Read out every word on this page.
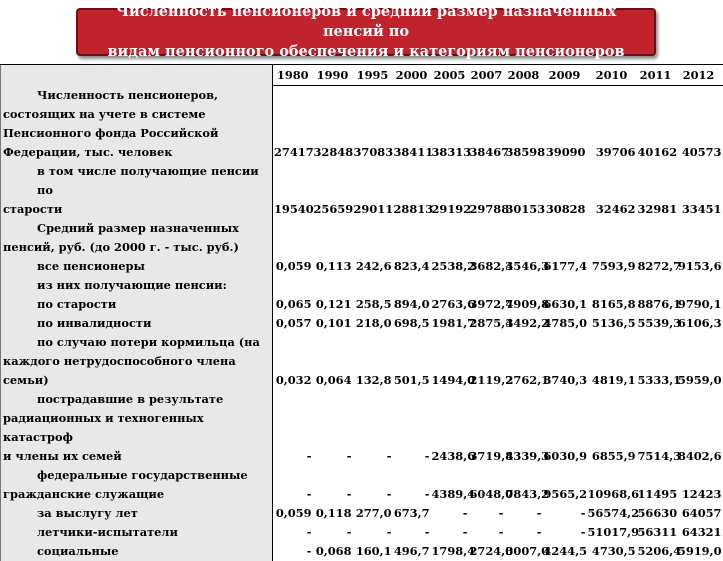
Численность пенсионеров и средний размер назначенных пенсий по
видам пенсионного обеспечения и категориям пенсионеров
	1980	1990	1995	2000	2005	2007	2008	2009	2010	2011	2012

Численность пенсионеров,
состоящих на учете в системе
Пенсионного фонда Российской
Федерации, тыс. человек	27417	32848	37083	38411	38313	38467	38598	39090	39706	40162	40573

в том числе получающие пенсии по
старости	19540	25659	29011	28813	29192	29788	30153	30828	32462	32981	33451

Средний размер назначенных
пенсий, руб. (до 2000 г. - тыс. руб.)											

все пенсионеры	0,059	0,113	242,6	823,4	2538,2	3682,3	4546,3	6177,4	7593,9	8272,7	9153,6

из них получающие пенсии:											

по старости	0,065	0,121	258,5	894,0	2763,6	3972,7	4909,8	6630,1	8165,8	8876,1	9790,1

по инвалидности	0,057	0,101	218,0	698,5	1981,7	2875,4	3492,2	4785,0	5136,5	5539,3	6106,3

по случаю потери кормильца (на
каждого нетрудоспособного члена семьи)	0,032	0,064	132,8	501,5	1494,0	2119,2	2762,1	3740,3	4819,1	5333,1	5959,0

пострадавшие в результате
радиационных и техногенных катастроф
и члены их семей	-	-	-	-	2438,6	3719,8	4339,3	6030,9	6855,9	7514,3	8402,6

федеральные государственные
гражданские служащие	-	-	-	-	4389,4	6048,0	7843,2	9565,2	10968,6	11495	12423

за выслугу лет	0,059	0,118	277,0	673,7	-	-	-	-	56574,2	56630	64057

летчики-испытатели	-	-	-	-	-	-	-	-	51017,9	56311	64321

социальные	-	0,068	160,1	496,7	1798,4	2724,0	3007,0	4244,5	4730,5	5206,4	5919,0
